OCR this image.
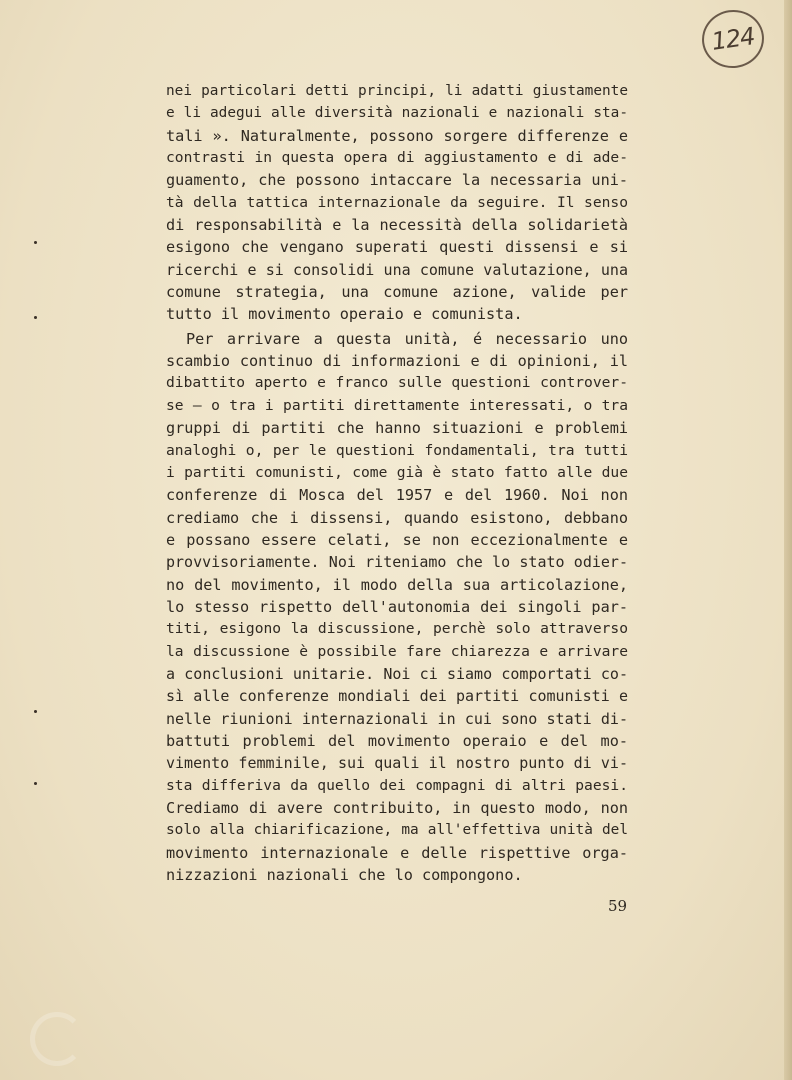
124
nei particolari detti principi, li adatti giustamente
e li adegui alle diversità nazionali e nazionali sta-
tali ». Naturalmente, possono sorgere differenze e
contrasti in questa opera di aggiustamento e di ade-
guamento, che possono intaccare la necessaria uni-
tà della tattica internazionale da seguire. Il senso
di responsabilità e la necessità della solidarietà
esigono che vengano superati questi dissensi e si
ricerchi e si consolidi una comune valutazione, una
comune strategia, una comune azione, valide per
tutto il movimento operaio e comunista.
Per arrivare a questa unità, é necessario uno
scambio continuo di informazioni e di opinioni, il
dibattito aperto e franco sulle questioni controver-
se — o tra i partiti direttamente interessati, o tra
gruppi di partiti che hanno situazioni e problemi
analoghi o, per le questioni fondamentali, tra tutti
i partiti comunisti, come già è stato fatto alle due
conferenze di Mosca del 1957 e del 1960. Noi non
crediamo che i dissensi, quando esistono, debbano
e possano essere celati, se non eccezionalmente e
provvisoriamente. Noi riteniamo che lo stato odier-
no del movimento, il modo della sua articolazione,
lo stesso rispetto dell'autonomia dei singoli par-
titi, esigono la discussione, perchè solo attraverso
la discussione è possibile fare chiarezza e arrivare
a conclusioni unitarie. Noi ci siamo comportati co-
sì alle conferenze mondiali dei partiti comunisti e
nelle riunioni internazionali in cui sono stati di-
battuti problemi del movimento operaio e del mo-
vimento femminile, sui quali il nostro punto di vi-
sta differiva da quello dei compagni di altri paesi.
Crediamo di avere contribuito, in questo modo, non
solo alla chiarificazione, ma all'effettiva unità del
movimento internazionale e delle rispettive orga-
nizzazioni nazionali che lo compongono.
59
